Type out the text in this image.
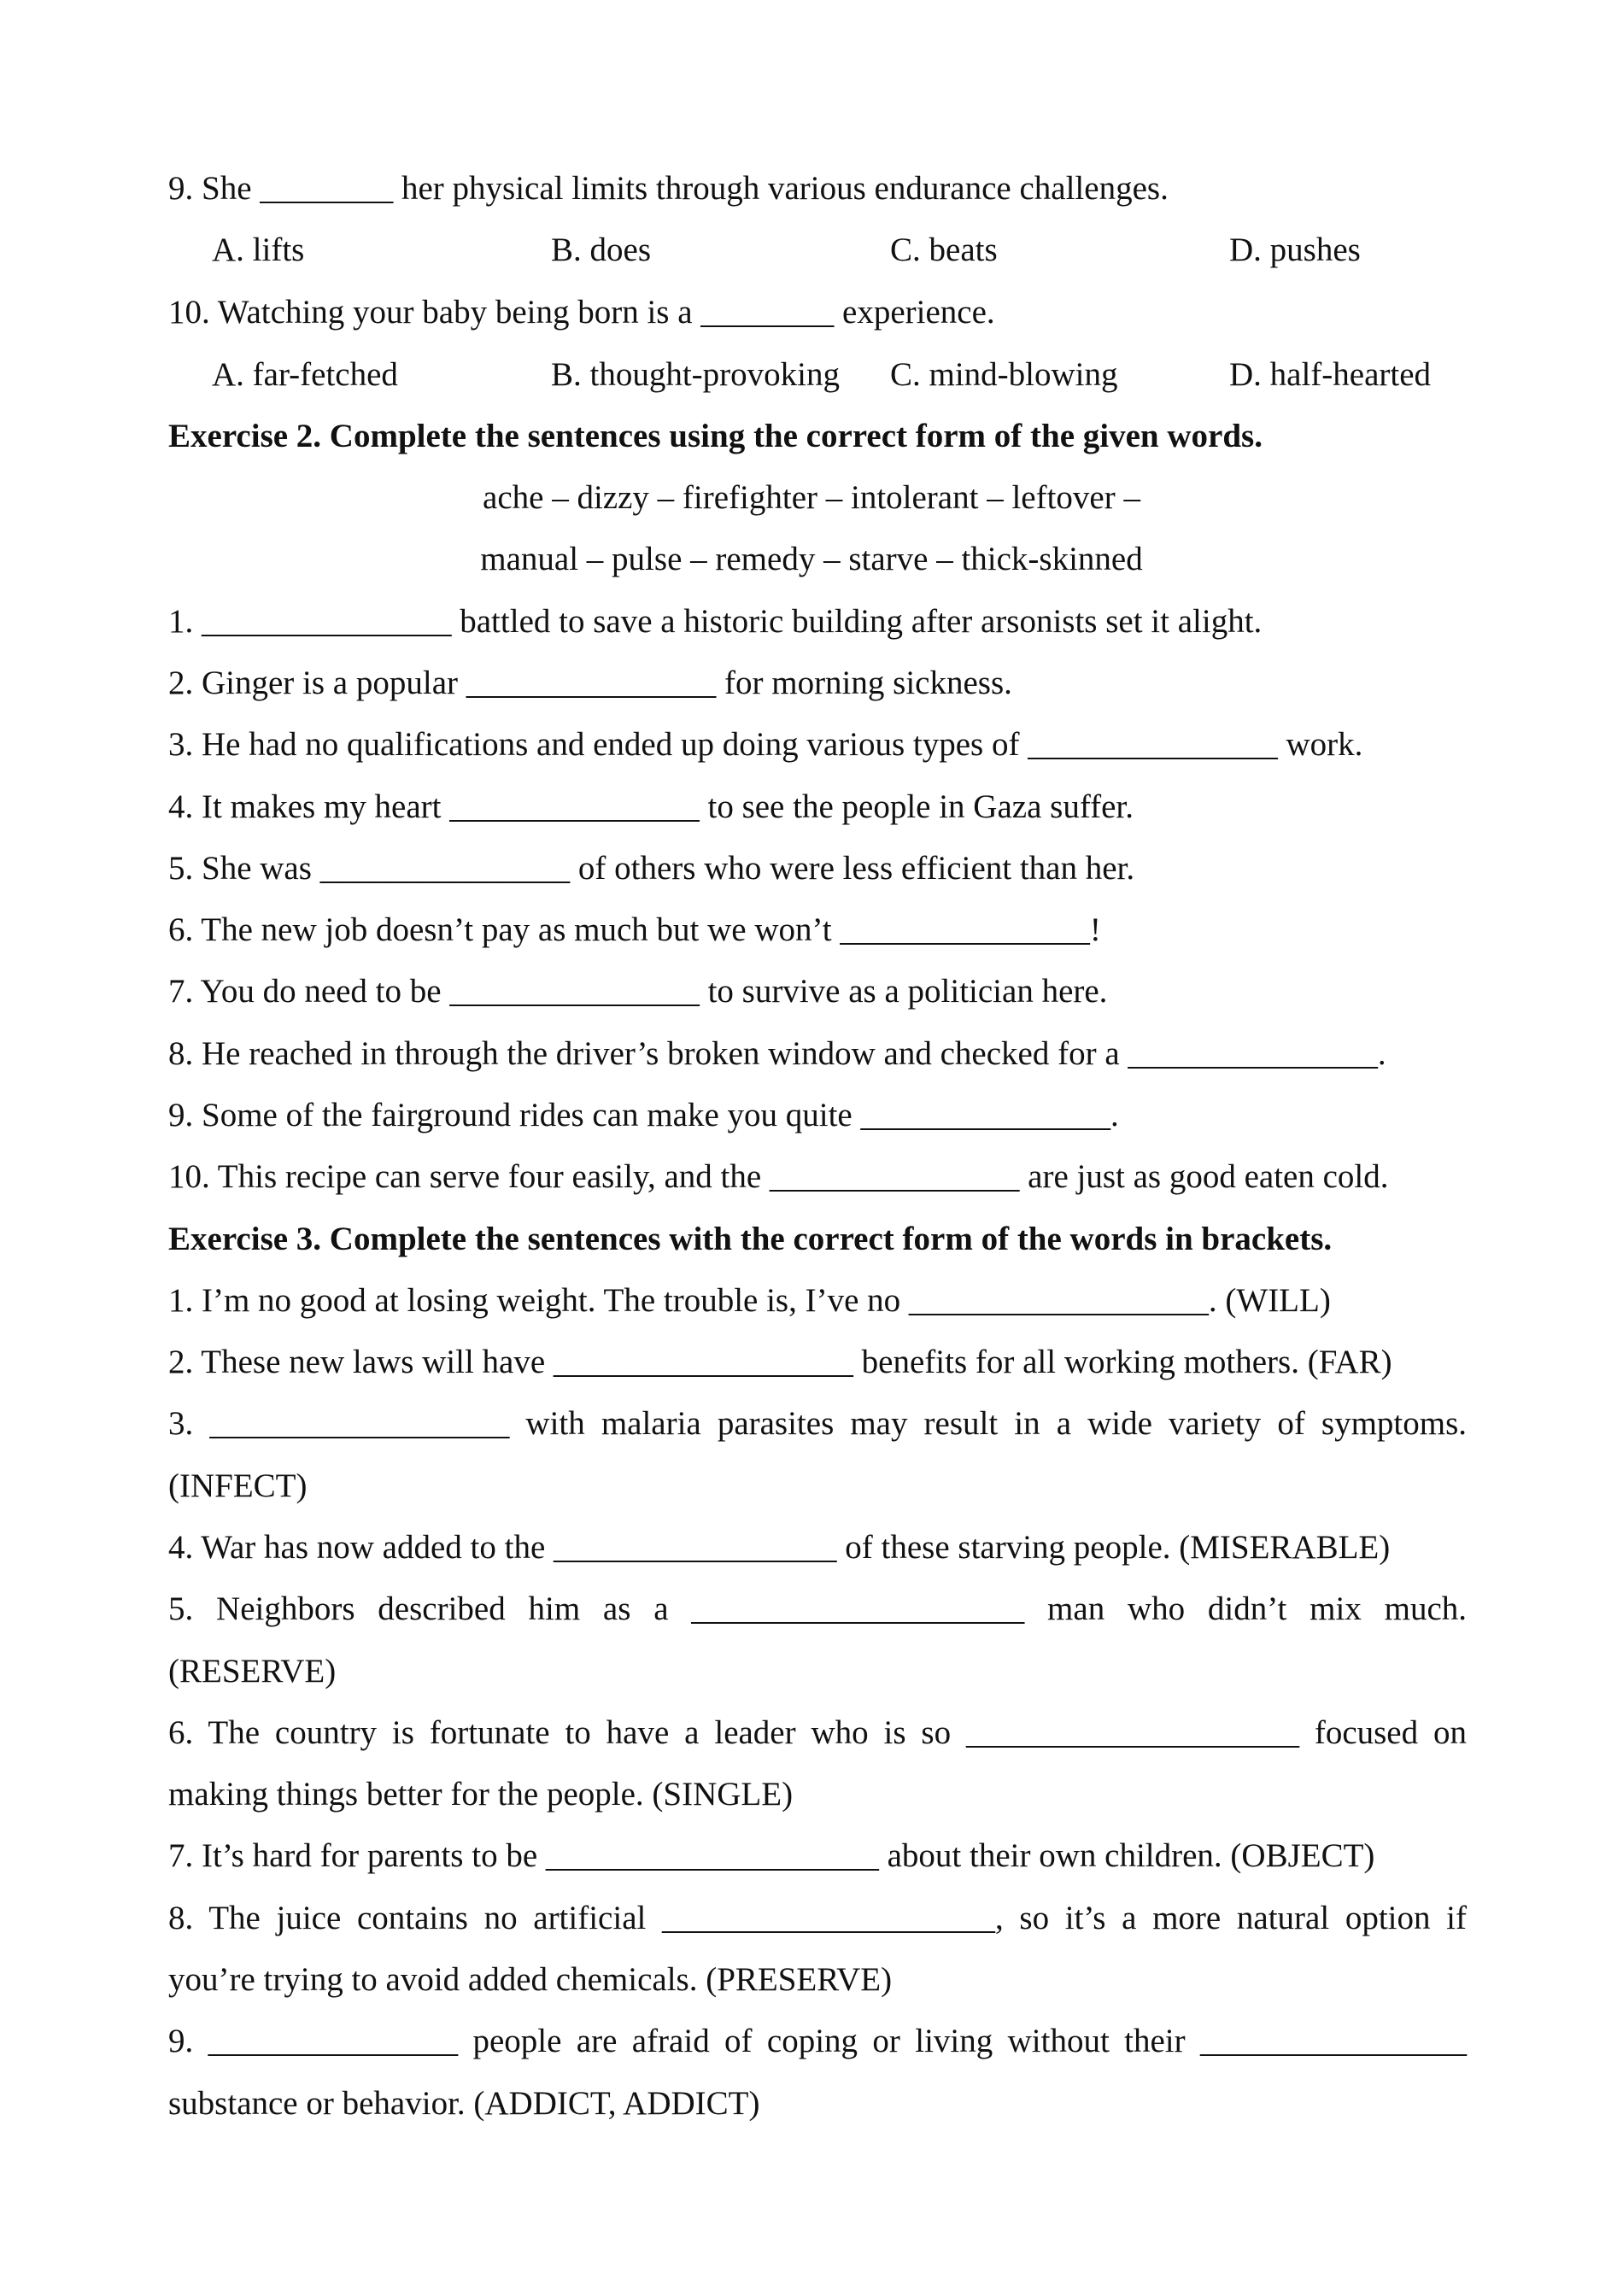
9. She ________ her physical limits through various endurance challenges.
A. lifts	B. does	C. beats	D. pushes
10. Watching your baby being born is a ________ experience.
A. far-fetched	B. thought-provoking C. mind-blowing	D. half-hearted
Exercise 2. Complete the sentences using the correct form of the given words.
ache – dizzy – firefighter – intolerant – leftover –
manual – pulse – remedy – starve – thick-skinned
1. _______________ battled to save a historic building after arsonists set it alight.
2. Ginger is a popular _______________ for morning sickness.
3. He had no qualifications and ended up doing various types of _______________ work.
4. It makes my heart _______________ to see the people in Gaza suffer.
5. She was _______________ of others who were less efficient than her.
6. The new job doesn’t pay as much but we won’t _______________!
7. You do need to be _______________ to survive as a politician here.
8. He reached in through the driver’s broken window and checked for a _______________.
9. Some of the fairground rides can make you quite _______________.
10. This recipe can serve four easily, and the _______________ are just as good eaten cold.
Exercise 3. Complete the sentences with the correct form of the words in brackets.
1. I’m no good at losing weight. The trouble is, I’ve no __________________. (WILL)
2. These new laws will have __________________ benefits for all working mothers. (FAR)
3. __________________ with malaria parasites may result in a wide variety of symptoms.
(INFECT)
4. War has now added to the _________________ of these starving people. (MISERABLE)
5. Neighbors described him as a ____________________ man who didn’t mix much.
(RESERVE)
6. The country is fortunate to have a leader who is so ____________________ focused on
making things better for the people. (SINGLE)
7. It’s hard for parents to be ____________________ about their own children. (OBJECT)
8. The juice contains no artificial ____________________, so it’s a more natural option if
you’re trying to avoid added chemicals. (PRESERVE)
9. _______________ people are afraid of coping or living without their ________________
substance or behavior. (ADDICT, ADDICT)
